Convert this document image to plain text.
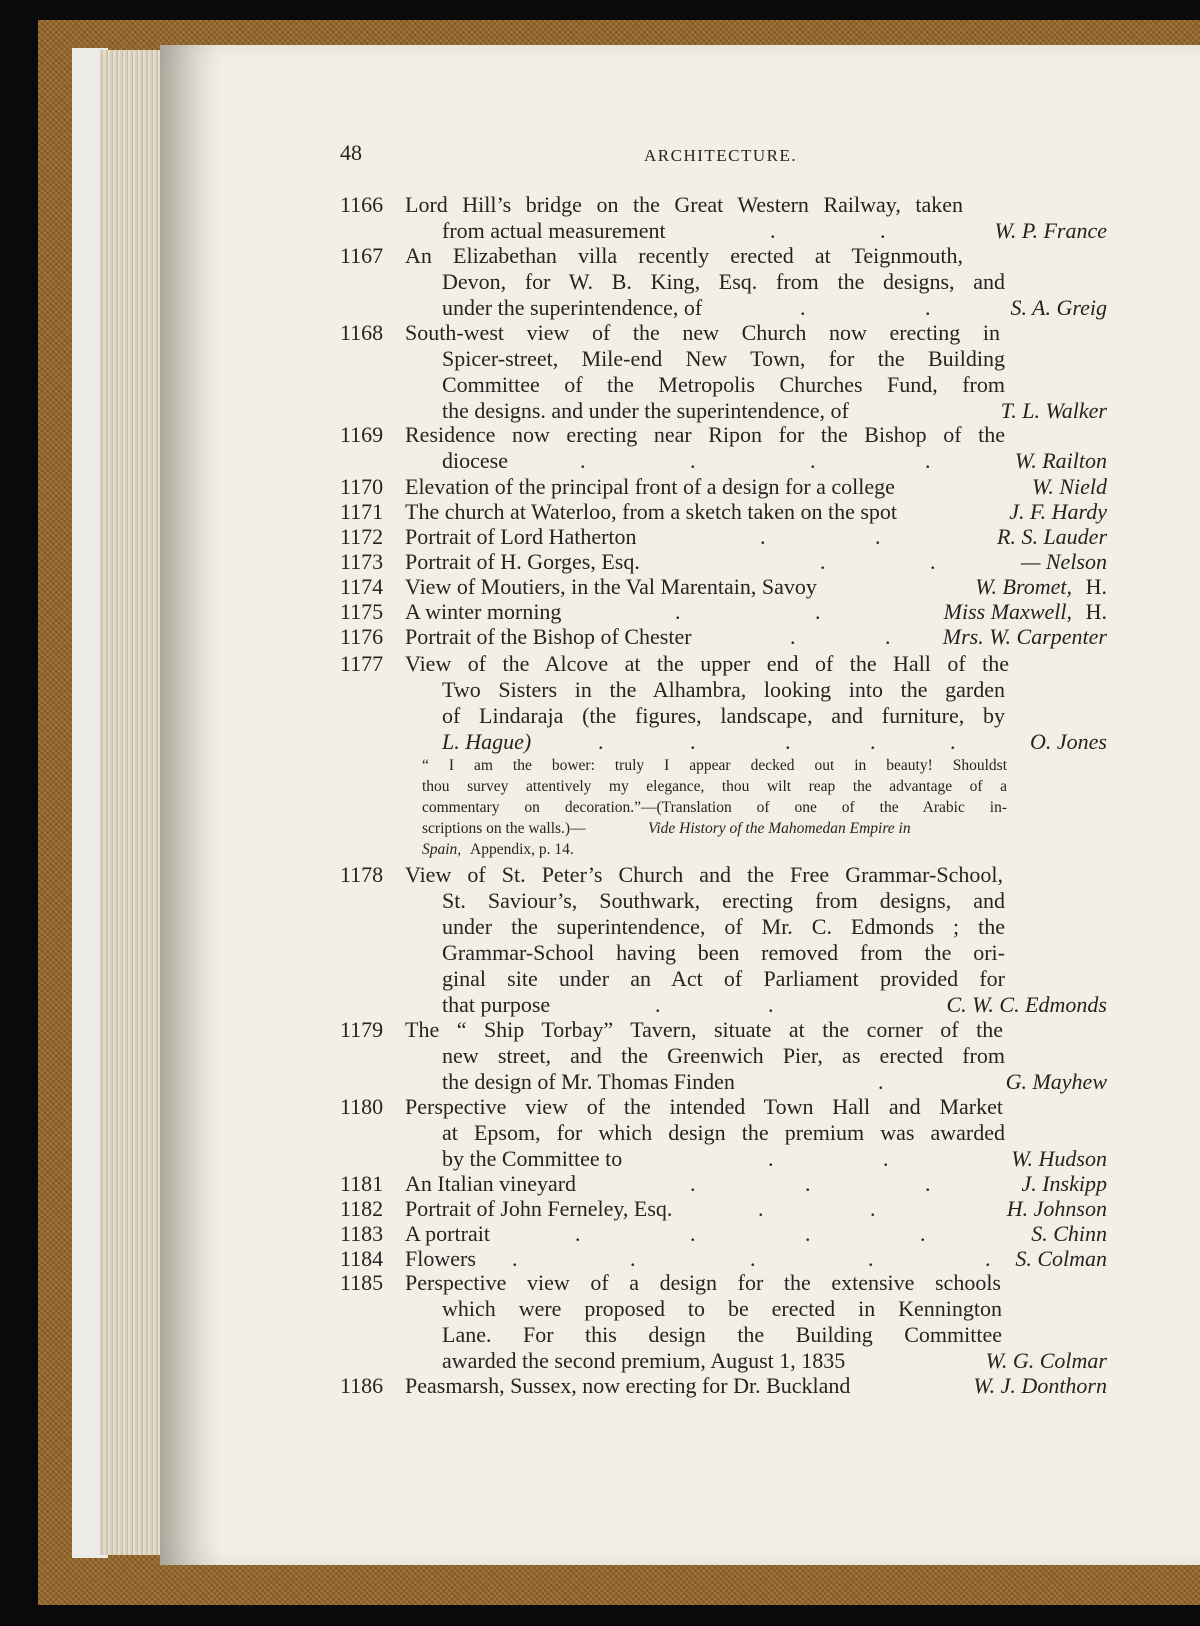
48	ARCHITECTURE.
1166 Lord Hill’s bridge on the Great Western Railway, taken
from actual measurement	.	.	W. P. France
1167 An Elizabethan villa recently erected at Teignmouth,
Devon, for W. B. King, Esq. from the designs, and
under the superintendence, of	.	.	S. A. Greig
1168 South-west view of the new Church now erecting in
Spicer-street, Mile-end New Town, for the Building
Committee of the Metropolis Churches Fund, from
the designs. and under the superintendence, of	T. L. Walker
1169 Residence now erecting near Ripon for the Bishop of the
diocese	.	.	.	.	W. Railton
1170 Elevation of the principal front of a design for a college	W. Nield
1171 The church at Waterloo, from a sketch taken on the spot	J. F. Hardy
1172 Portrait of Lord Hatherton	.	.	R. S. Lauder
1173 Portrait of H. Gorges, Esq.	.	.	— Nelson
1174 View of Moutiers, in the Val Marentain, Savoy	W. Bromet, H.
1175 A winter morning	.	.	Miss Maxwell, H.
1176 Portrait of the Bishop of Chester	.	. Mrs. W. Carpenter
1177 View of the Alcove at the upper end of the Hall of the
Two Sisters in the Alhambra, looking into the garden
of Lindaraja (the figures, landscape, and furniture, by
L. Hague)	.	.	.	.	.	O. Jones
“ I am the bower: truly I appear decked out in beauty! Shouldst
thou survey attentively my elegance, thou wilt reap the advantage of a
commentary on decoration.”—(Translation of one of the Arabic in-
scriptions on the walls.)—	Vide History of the Mahomedan Empire in
Spain, Appendix, p. 14.
1178 View of St. Peter’s Church and the Free Grammar-School,
St. Saviour’s, Southwark, erecting from designs, and
under the superintendence, of Mr. C. Edmonds ; the
Grammar-School having been removed from the ori-
ginal site under an Act of Parliament provided for
that purpose	.	.	C. W. C. Edmonds
1179 The “ Ship Torbay” Tavern, situate at the corner of the
new street, and the Greenwich Pier, as erected from
the design of Mr. Thomas Finden	.	G. Mayhew
1180 Perspective view of the intended Town Hall and Market
at Epsom, for which design the premium was awarded
by the Committee to	.	.	W. Hudson
1181 An Italian vineyard	.	.	.	J. Inskipp
1182 Portrait of John Ferneley, Esq.	.	.	H. Johnson
1183 A portrait	.	.	.	.	S. Chinn
1184 Flowers .	.	.	.	. S. Colman
1185 Perspective view of a design for the extensive schools
which were proposed to be erected in Kennington
Lane. For this design the Building Committee
awarded the second premium, August 1, 1835	W. G. Colmar
1186 Peasmarsh, Sussex, now erecting for Dr. Buckland	W. J. Donthorn
